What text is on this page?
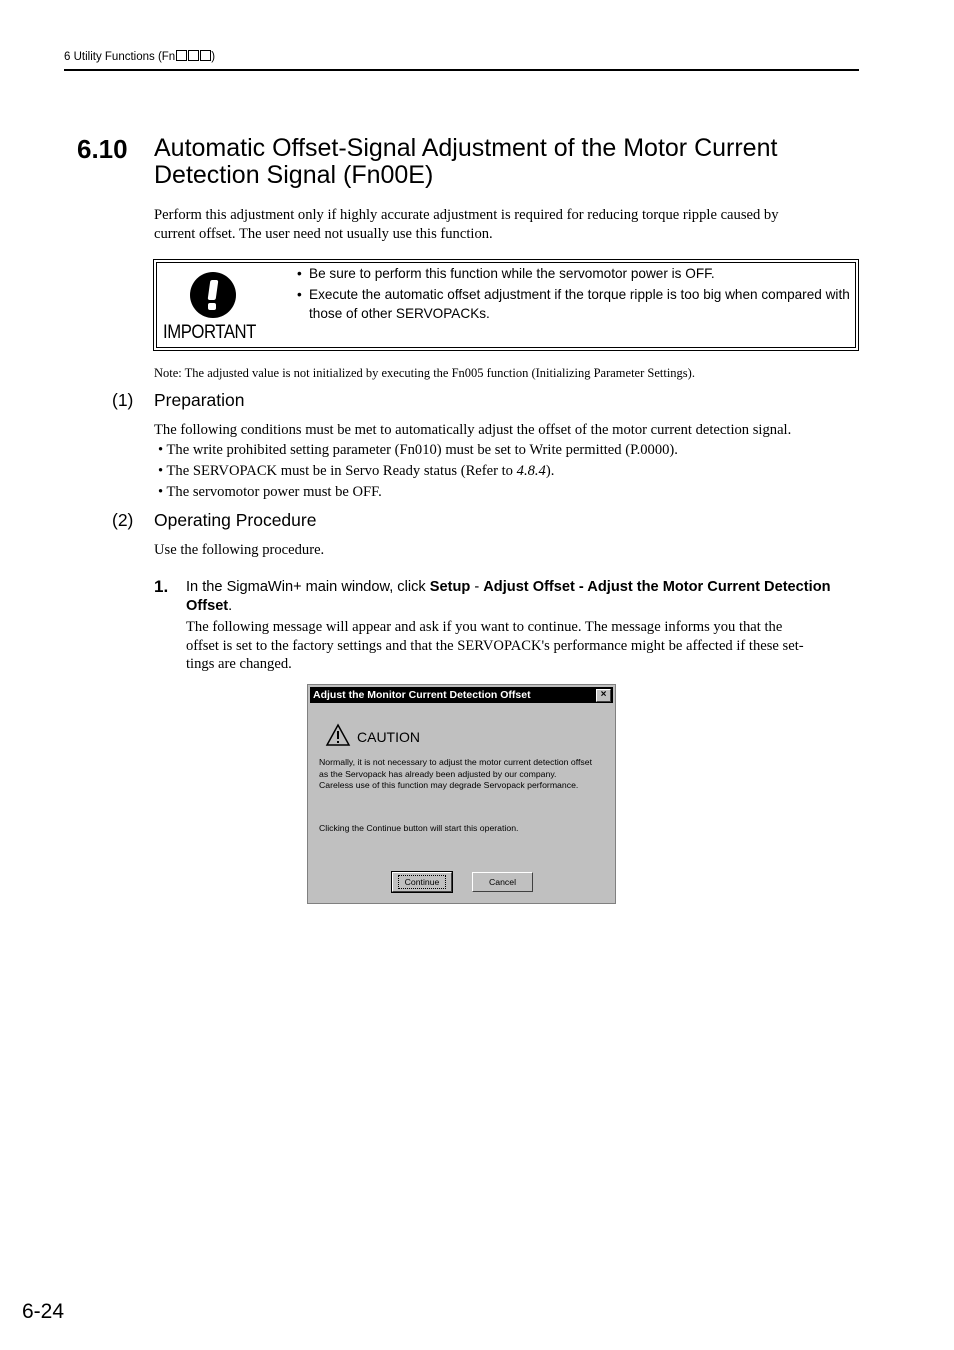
6 Utility Functions (Fn	)
6.10 Automatic Offset-Signal Adjustment of the Motor Current
Detection Signal (Fn00E)
Perform this adjustment only if highly accurate adjustment is required for reducing torque ripple caused by
current offset. The user need not usually use this function.
IMPORTANT
• Be sure to perform this function while the servomotor power is OFF.
• Execute the automatic offset adjustment if the torque ripple is too big when compared with those of other SERVOPACKs.
Note: The adjusted value is not initialized by executing the Fn005 function (Initializing Parameter Settings).
(1) Preparation
The following conditions must be met to automatically adjust the offset of the motor current detection signal.
• The write prohibited setting parameter (Fn010) must be set to Write permitted (P.0000).
• The SERVOPACK must be in Servo Ready status (Refer to 4.8.4).
• The servomotor power must be OFF.
(2) Operating Procedure
Use the following procedure.
1. In the SigmaWin+ main window, click Setup - Adjust Offset - Adjust the Motor Current Detection Offset.
The following message will appear and ask if you want to continue. The message informs you that the
offset is set to the factory settings and that the SERVOPACK's performance might be affected if these set-
tings are changed.
Adjust the Monitor Current Detection Offset	×
CAUTION
Normally, it is not necessary to adjust the motor current detection offset
as the Servopack has already been adjusted by our company.
Careless use of this function may degrade Servopack performance.
Clicking the Continue button will start this operation.
Continue	Cancel
6-24
